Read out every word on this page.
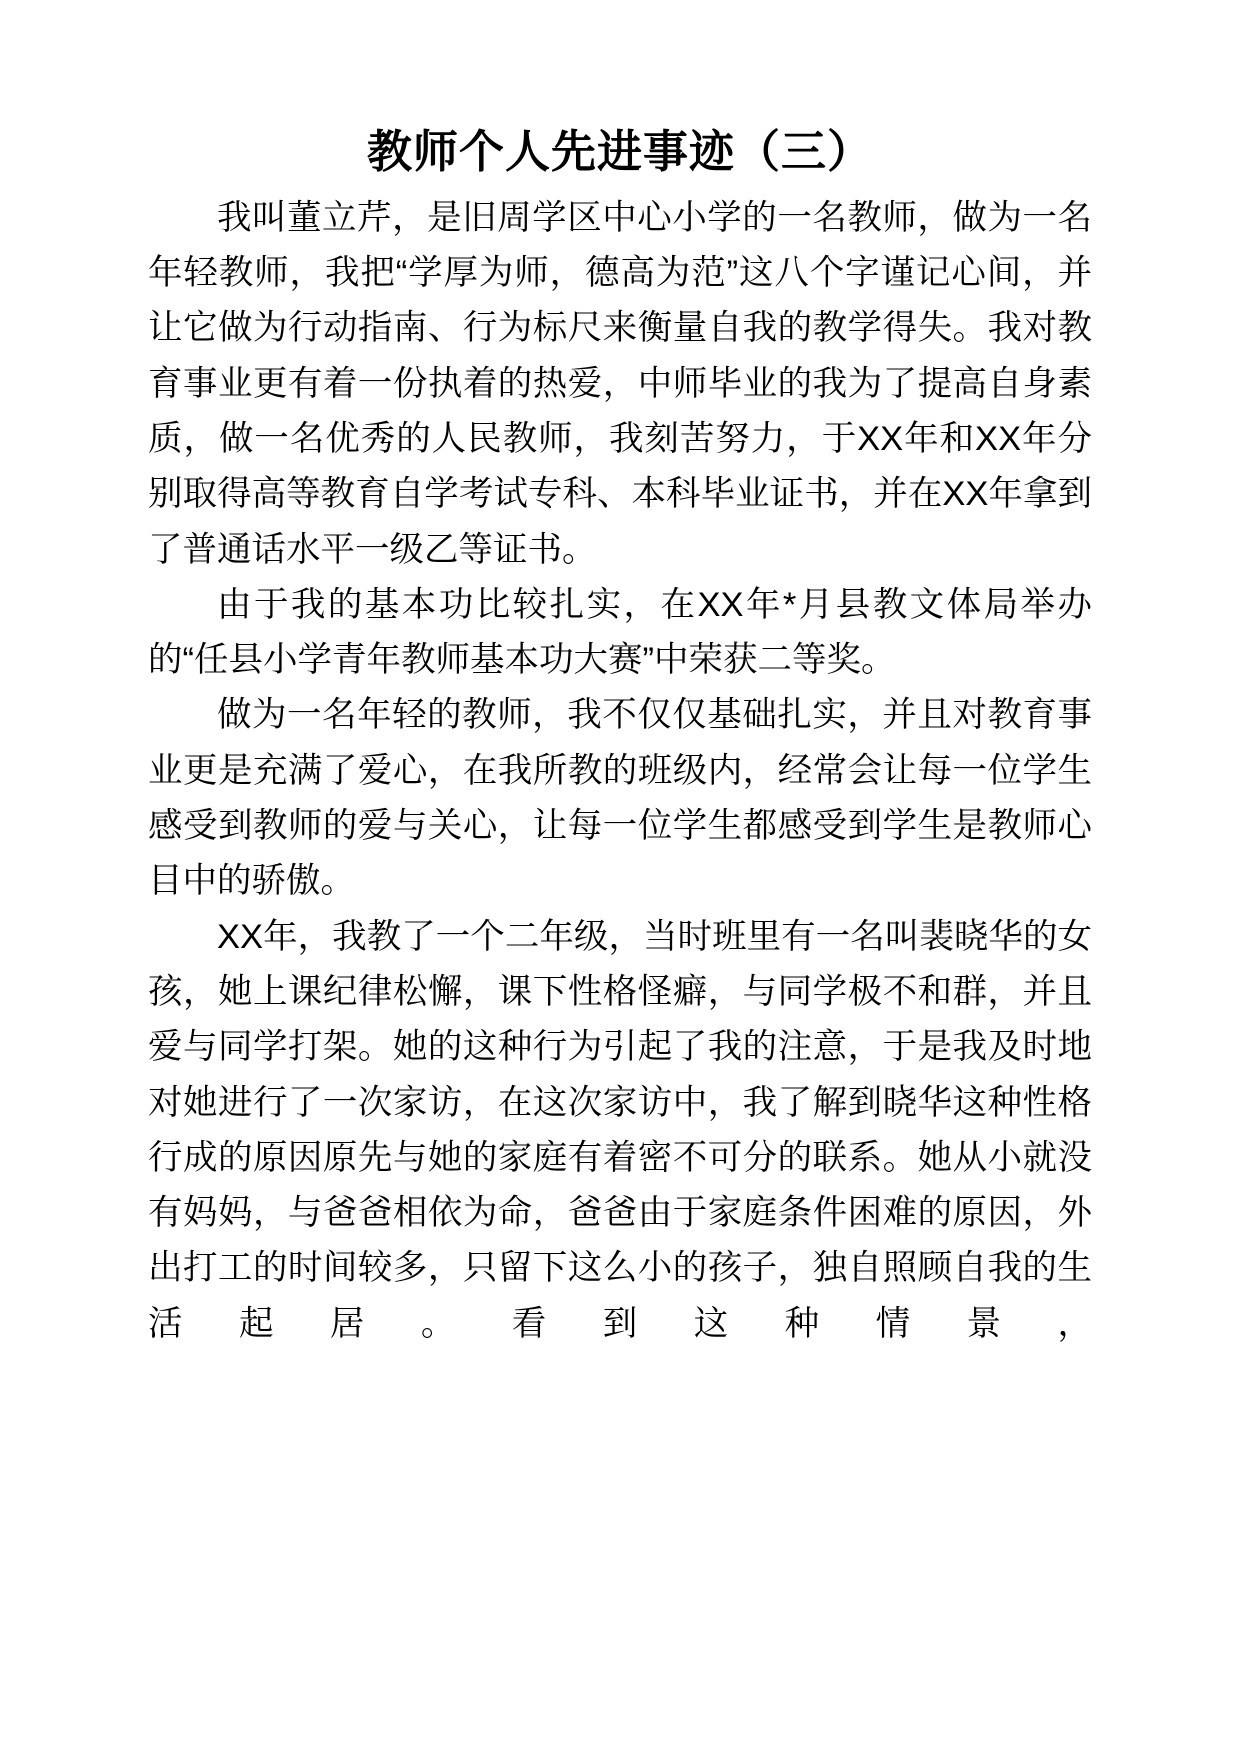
教师个人先进事迹（三）

我叫董立芹，是旧周学区中心小学的一名教师，做为一名年轻教师，我把“学厚为师，德高为范”这八个字谨记心间，并让它做为行动指南、行为标尺来衡量自我的教学得失。我对教育事业更有着一份执着的热爱，中师毕业的我为了提高自身素质，做一名优秀的人民教师，我刻苦努力，于XX年和XX年分别取得高等教育自学考试专科、本科毕业证书，并在XX年拿到了普通话水平一级乙等证书。

由于我的基本功比较扎实，在XX年*月县教文体局举办的“任县小学青年教师基本功大赛”中荣获二等奖。

做为一名年轻的教师，我不仅仅基础扎实，并且对教育事业更是充满了爱心，在我所教的班级内，经常会让每一位学生感受到教师的爱与关心，让每一位学生都感受到学生是教师心目中的骄傲。

XX年，我教了一个二年级，当时班里有一名叫裴晓华的女孩，她上课纪律松懈，课下性格怪癖，与同学极不和群，并且爱与同学打架。她的这种行为引起了我的注意，于是我及时地对她进行了一次家访，在这次家访中，我了解到晓华这种性格行成的原因原先与她的家庭有着密不可分的联系。她从小就没有妈妈，与爸爸相依为命，爸爸由于家庭条件困难的原因，外出打工的时间较多，只留下这么小的孩子，独自照顾自我的生活起居。看到这种情景，
